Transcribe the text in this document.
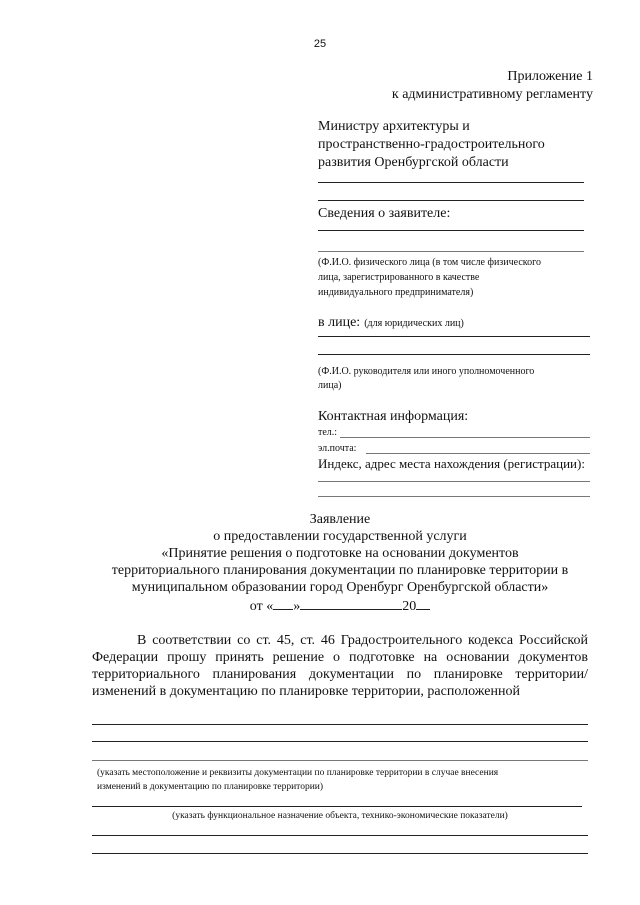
25
Приложение 1
к административному регламенту
Министру архитектуры и
пространственно-градостроительного
развития Оренбургской области
Сведения о заявителе:
(Ф.И.О. физического лица (в том числе физического
лица, зарегистрированного в качестве
индивидуального предпринимателя)
в лице: (для юридических лиц)
(Ф.И.О. руководителя или иного уполномоченного
лица)
Контактная информация:
тел.:
эл.почта:
Индекс, адрес места нахождения (регистрации):
Заявление
о предоставлении государственной услуги
«Принятие решения о подготовке на основании документов
территориального планирования документации по планировке территории в
муниципальном образовании город Оренбург Оренбургской области»
от « »	20
В соответствии со ст. 45, ст. 46 Градостроительного кодекса Российской Федерации прошу принять решение о подготовке на основании документов территориального планирования документации по планировке территории/ изменений в документацию по планировке территории, расположенной
(указать местоположение и реквизиты документации по планировке территории в случае внесения
изменений в документацию по планировке территории)
(указать функциональное назначение объекта, технико-экономические показатели)
